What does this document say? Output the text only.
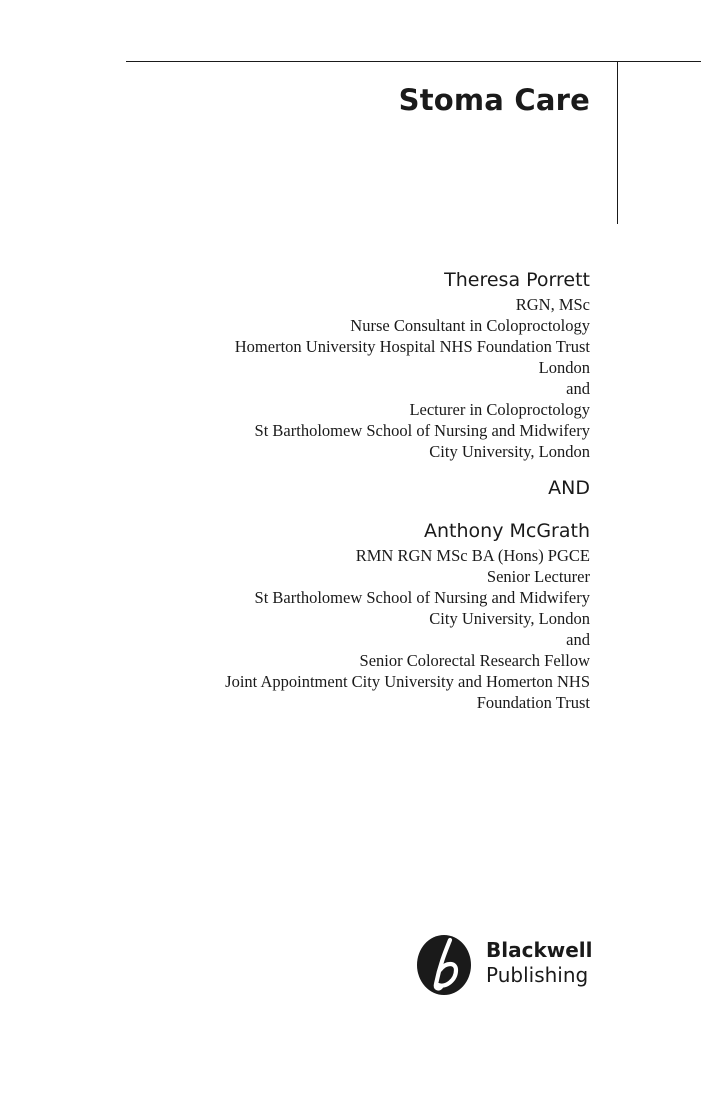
Stoma Care
Theresa Porrett
RGN, MSc
Nurse Consultant in Coloproctology
Homerton University Hospital NHS Foundation Trust
London
and
Lecturer in Coloproctology
St Bartholomew School of Nursing and Midwifery
City University, London
AND
Anthony McGrath
RMN RGN MSc BA (Hons) PGCE
Senior Lecturer
St Bartholomew School of Nursing and Midwifery
City University, London
and
Senior Colorectal Research Fellow
Joint Appointment City University and Homerton NHS
Foundation Trust
Blackwell
Publishing
